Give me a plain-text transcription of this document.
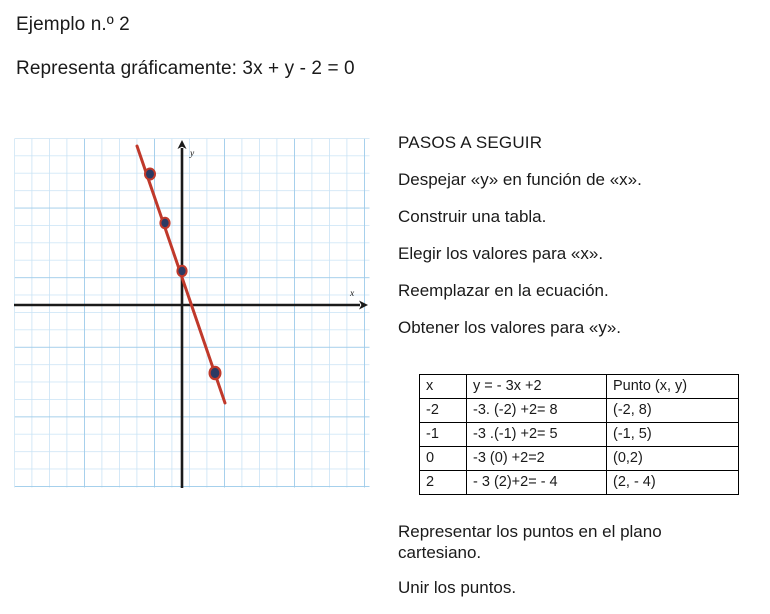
Ejemplo n.º 2
Representa gráficamente: 3x + y - 2 = 0
y
x
PASOS A SEGUIR
Despejar «y» en función de «x».
Construir una tabla.
Elegir los valores para «x».
Reemplazar en la ecuación.
Obtener los valores para «y».
x	y = - 3x +2	Punto (x, y)
-2	-3. (-2) +2= 8	(-2, 8)
-1	-3 .(-1) +2= 5	(-1, 5)
0	-3 (0) +2=2	(0,2)
2	- 3 (2)+2= - 4	(2, - 4)
Representar los puntos en el plano cartesiano.
Unir los puntos.
